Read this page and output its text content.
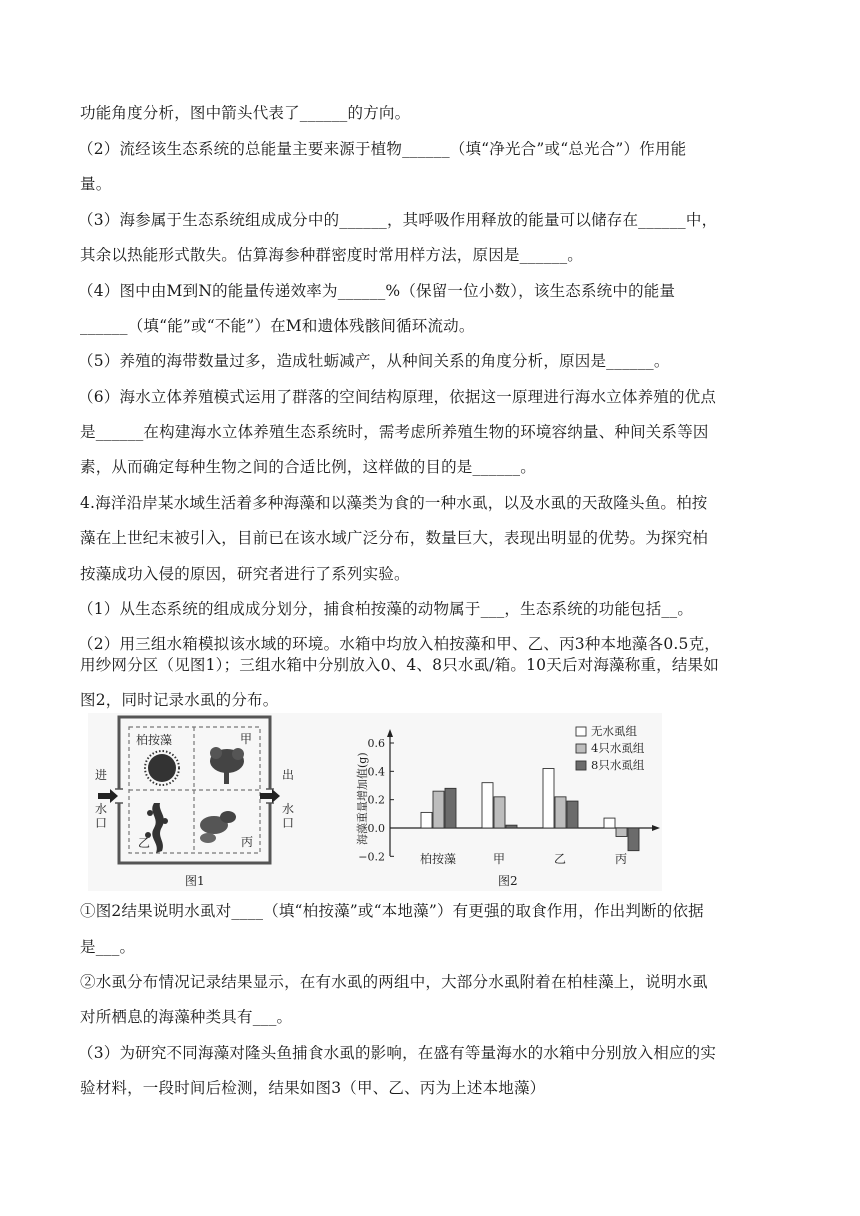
功能角度分析，图中箭头代表了______的方向。
（2）流经该生态系统的总能量主要来源于植物______（填“净光合”或“总光合”）作用能
量。
（3）海参属于生态系统组成成分中的______，其呼吸作用释放的能量可以储存在______中，
其余以热能形式散失。估算海参种群密度时常用样方法，原因是______。
（4）图中由M到N的能量传递效率为______%（保留一位小数），该生态系统中的能量
______（填“能”或“不能”）在M和遗体残骸间循环流动。
（5）养殖的海带数量过多，造成牡蛎减产，从种间关系的角度分析，原因是______。
（6）海水立体养殖模式运用了群落的空间结构原理，依据这一原理进行海水立体养殖的优点
是______在构建海水立体养殖生态系统时，需考虑所养殖生物的环境容纳量、种间关系等因
素，从而确定每种生物之间的合适比例，这样做的目的是______。
4.海洋沿岸某水域生活着多种海藻和以藻类为食的一种水虱，以及水虱的天敌隆头鱼。柏按
藻在上世纪末被引入，目前已在该水域广泛分布，数量巨大，表现出明显的优势。为探究柏
按藻成功入侵的原因，研究者进行了系列实验。
（1）从生态系统的组成成分划分，捕食柏按藻的动物属于___，生态系统的功能包括__。
（2）用三组水箱模拟该水域的环境。水箱中均放入柏按藻和甲、乙、丙3种本地藻各0.5克，
用纱网分区（见图1）；三组水箱中分别放入0、4、8只水虱/箱。10天后对海藻称重，结果如
柏按藻	甲
乙	丙
进
水
口
出
水
口
图1
海藻重量增加值(g)
0.6
0.4
0.2
0.0
−0.2	柏按藻	甲	乙	丙
无水虱组
4只水虱组
8只水虱组
图2
图2，同时记录水虱的分布。
①图2结果说明水虱对____（填“柏按藻”或“本地藻”）有更强的取食作用，作出判断的依据
是___。
②水虱分布情况记录结果显示，在有水虱的两组中，大部分水虱附着在柏桂藻上，说明水虱
对所栖息的海藻种类具有___。
（3）为研究不同海藻对隆头鱼捕食水虱的影响，在盛有等量海水的水箱中分别放入相应的实
验材料，一段时间后检测，结果如图3（甲、乙、丙为上述本地藻）
